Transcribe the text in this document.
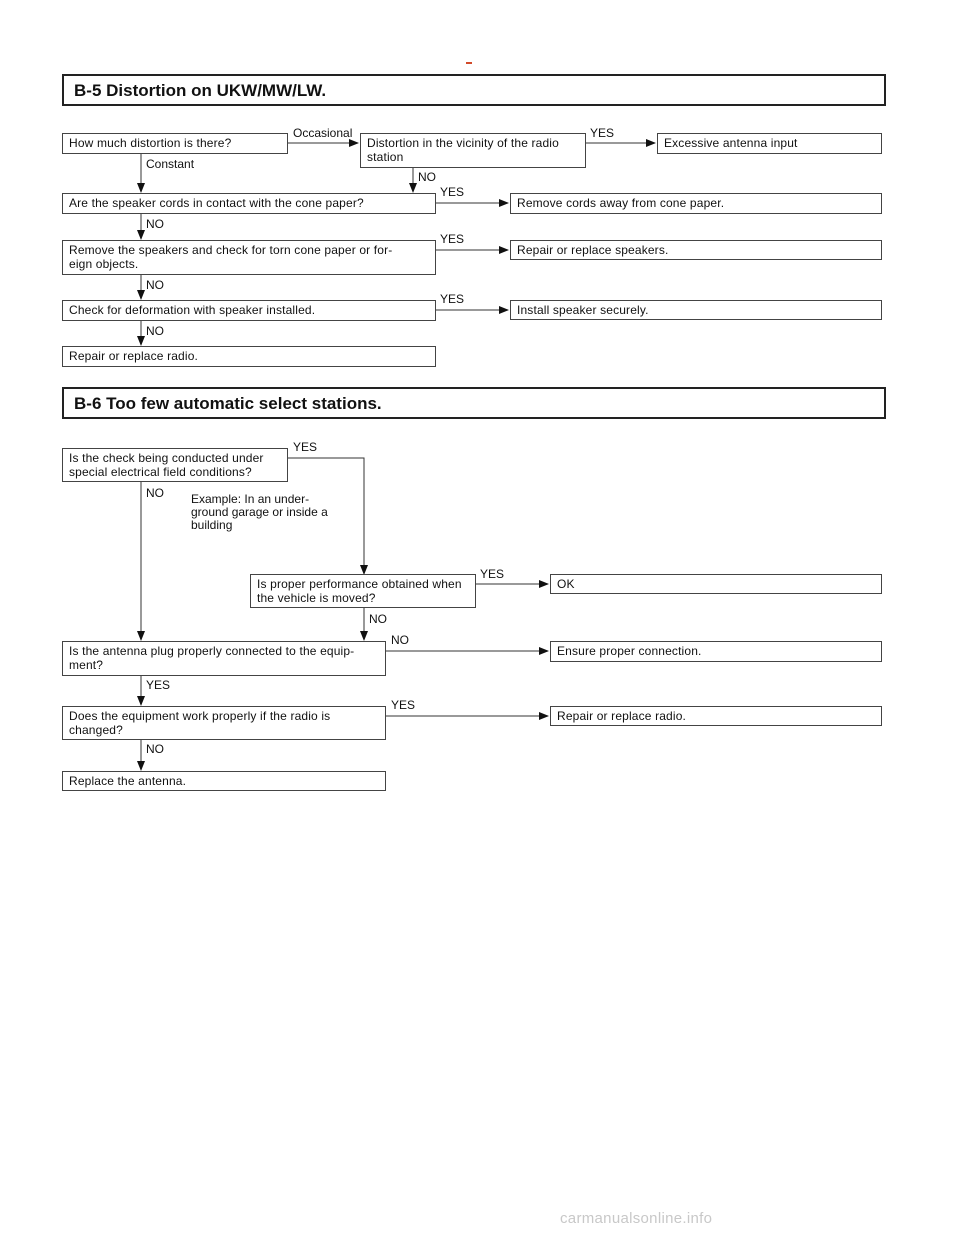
B-5 Distortion on UKW/MW/LW.
How much distortion is there?
Occasional
Constant
Distortion in the vicinity of the radio
station
YES
NO
Excessive antenna input
Are the speaker cords in contact with the cone paper?
YES
Remove cords away from cone paper.
NO
Remove the speakers and check for torn cone paper or for-
eign objects.
YES
Repair or replace speakers.
NO
Check for deformation with speaker installed.
YES
Install speaker securely.
NO
Repair or replace radio.
B-6 Too few automatic select stations.
Is the check being conducted under
special electrical field conditions?
YES
NO Example: In an under-
ground garage or inside a
building
Is proper performance obtained when
the vehicle is moved?
YES
OK
NO
Is the antenna plug properly connected to the equip-
ment?
NO
Ensure proper connection.
YES
Does the equipment work properly if the radio is
changed?
YES
Repair or replace radio.
NO
Replace the antenna.
carmanualsonline.info
